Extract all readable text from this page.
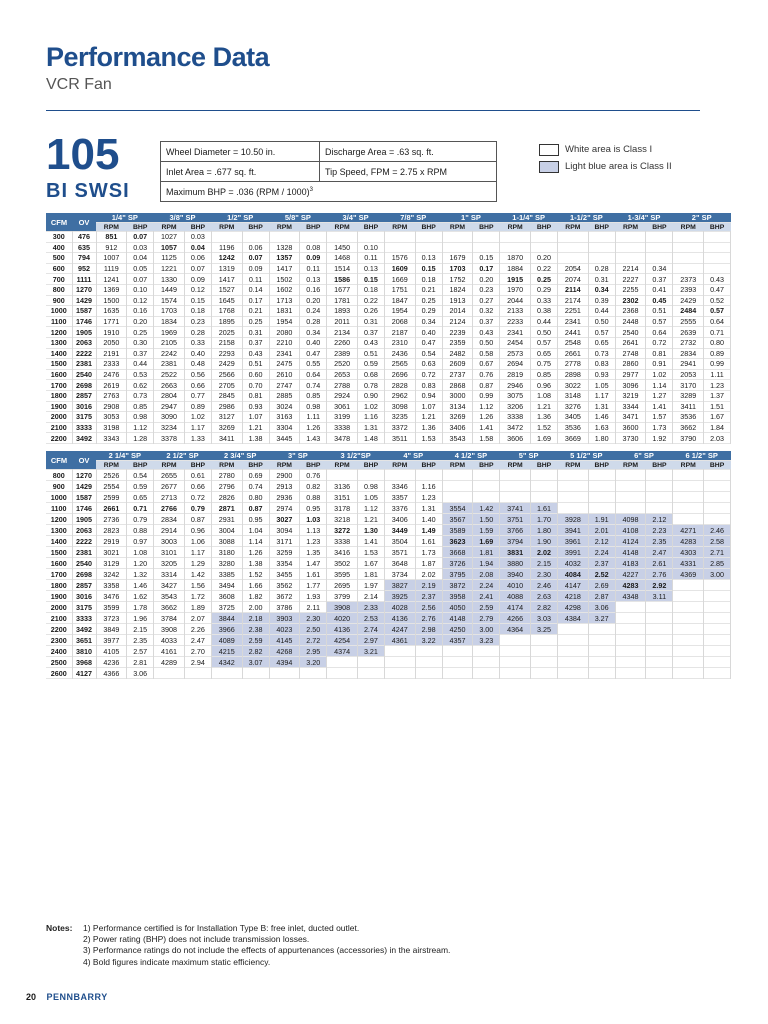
Performance Data
VCR Fan
105
BI SWSI
Wheel Diameter = 10.50 in.	Discharge Area = .63 sq. ft.
Inlet Area = .677 sq. ft.	Tip Speed, FPM = 2.75 x RPM
Maximum BHP = .036 (RPM / 1000)$^3$
White area is Class I
Light blue area is Class II
CFM	OV	1/4" SP		3/8" SP		1/2" SP		5/8" SP		3/4" SP		7/8" SP		1" SP		1-1/4" SP		1-1/2" SP		1-3/4" SP		2" SP	
		RPM	BHP	RPM	BHP	RPM	BHP	RPM	BHP	RPM	BHP	RPM	BHP	RPM	BHP	RPM	BHP	RPM	BHP	RPM	BHP	RPM	BHP
300	476	851	0.07	1027	0.03																		
400	635	912	0.03	1057	0.04	1196	0.06	1328	0.08	1450	0.10												
500	794	1007	0.04	1125	0.06	1242	0.07	1357	0.09	1468	0.11	1576	0.13	1679	0.15	1870	0.20						
600	952	1119	0.05	1221	0.07	1319	0.09	1417	0.11	1514	0.13	1609	0.15	1703	0.17	1884	0.22	2054	0.28	2214	0.34		
700	1111	1241	0.07	1330	0.09	1417	0.11	1502	0.13	1586	0.15	1669	0.18	1752	0.20	1915	0.25	2074	0.31	2227	0.37	2373	0.43
800	1270	1369	0.10	1449	0.12	1527	0.14	1602	0.16	1677	0.18	1751	0.21	1824	0.23	1970	0.29	2114	0.34	2255	0.41	2393	0.47
900	1429	1500	0.12	1574	0.15	1645	0.17	1713	0.20	1781	0.22	1847	0.25	1913	0.27	2044	0.33	2174	0.39	2302	0.45	2429	0.52
1000	1587	1635	0.16	1703	0.18	1768	0.21	1831	0.24	1893	0.26	1954	0.29	2014	0.32	2133	0.38	2251	0.44	2368	0.51	2484	0.57
1100	1746	1771	0.20	1834	0.23	1895	0.25	1954	0.28	2011	0.31	2068	0.34	2124	0.37	2233	0.44	2341	0.50	2448	0.57	2555	0.64
1200	1905	1910	0.25	1969	0.28	2025	0.31	2080	0.34	2134	0.37	2187	0.40	2239	0.43	2341	0.50	2441	0.57	2540	0.64	2639	0.71
1300	2063	2050	0.30	2105	0.33	2158	0.37	2210	0.40	2260	0.43	2310	0.47	2359	0.50	2454	0.57	2548	0.65	2641	0.72	2732	0.80
1400	2222	2191	0.37	2242	0.40	2293	0.43	2341	0.47	2389	0.51	2436	0.54	2482	0.58	2573	0.65	2661	0.73	2748	0.81	2834	0.89
1500	2381	2333	0.44	2381	0.48	2429	0.51	2475	0.55	2520	0.59	2565	0.63	2609	0.67	2694	0.75	2778	0.83	2860	0.91	2941	0.99
1600	2540	2476	0.53	2522	0.56	2566	0.60	2610	0.64	2653	0.68	2696	0.72	2737	0.76	2819	0.85	2898	0.93	2977	1.02	2053	1.11
1700	2698	2619	0.62	2663	0.66	2705	0.70	2747	0.74	2788	0.78	2828	0.83	2868	0.87	2946	0.96	3022	1.05	3096	1.14	3170	1.23
1800	2857	2763	0.73	2804	0.77	2845	0.81	2885	0.85	2924	0.90	2962	0.94	3000	0.99	3075	1.08	3148	1.17	3219	1.27	3289	1.37
1900	3016	2908	0.85	2947	0.89	2986	0.93	3024	0.98	3061	1.02	3098	1.07	3134	1.12	3206	1.21	3276	1.31	3344	1.41	3411	1.51
2000	3175	3053	0.98	3090	1.02	3127	1.07	3163	1.11	3199	1.16	3235	1.21	3269	1.26	3338	1.36	3405	1.46	3471	1.57	3536	1.67
2100	3333	3198	1.12	3234	1.17	3269	1.21	3304	1.26	3338	1.31	3372	1.36	3406	1.41	3472	1.52	3536	1.63	3600	1.73	3662	1.84
2200	3492	3343	1.28	3378	1.33	3411	1.38	3445	1.43	3478	1.48	3511	1.53	3543	1.58	3606	1.69	3669	1.80	3730	1.92	3790	2.03
CFM	OV	2 1/4" SP		2 1/2" SP		2 3/4" SP		3" SP		3 1/2"SP		4" SP		4 1/2" SP		5" SP		5 1/2" SP		6" SP		6 1/2" SP	
		RPM	BHP	RPM	BHP	RPM	BHP	RPM	BHP	RPM	BHP	RPM	BHP	RPM	BHP	RPM	BHP	RPM	BHP	RPM	BHP	RPM	BHP
800	1270	2526	0.54	2655	0.61	2780	0.69	2900	0.76														
900	1429	2554	0.59	2677	0.66	2796	0.74	2913	0.82	3136	0.98	3346	1.16										
1000	1587	2599	0.65	2713	0.72	2826	0.80	2936	0.88	3151	1.05	3357	1.23										
1100	1746	2661	0.71	2766	0.79	2871	0.87	2974	0.95	3178	1.12	3376	1.31	3554	1.42	3741	1.61						
1200	1905	2736	0.79	2834	0.87	2931	0.95	3027	1.03	3218	1.21	3406	1.40	3567	1.50	3751	1.70	3928	1.91	4098	2.12		
1300	2063	2823	0.88	2914	0.96	3004	1.04	3094	1.13	3272	1.30	3449	1.49	3589	1.59	3766	1.80	3941	2.01	4108	2.23	4271	2.46
1400	2222	2919	0.97	3003	1.06	3088	1.14	3171	1.23	3338	1.41	3504	1.61	3623	1.69	3794	1.90	3961	2.12	4124	2.35	4283	2.58
1500	2381	3021	1.08	3101	1.17	3180	1.26	3259	1.35	3416	1.53	3571	1.73	3668	1.81	3831	2.02	3991	2.24	4148	2.47	4303	2.71
1600	2540	3129	1.20	3205	1.29	3280	1.38	3354	1.47	3502	1.67	3648	1.87	3726	1.94	3880	2.15	4032	2.37	4183	2.61	4331	2.85
1700	2698	3242	1.32	3314	1.42	3385	1.52	3455	1.61	3595	1.81	3734	2.02	3795	2.08	3940	2.30	4084	2.52	4227	2.76	4369	3.00
1800	2857	3358	1.46	3427	1.56	3494	1.66	3562	1.77	2695	1.97	3827	2.19	3872	2.24	4010	2.46	4147	2.69	4283	2.92		
1900	3016	3476	1.62	3543	1.72	3608	1.82	3672	1.93	3799	2.14	3925	2.37	3958	2.41	4088	2.63	4218	2.87	4348	3.11		
2000	3175	3599	1.78	3662	1.89	3725	2.00	3786	2.11	3908	2.33	4028	2.56	4050	2.59	4174	2.82	4298	3.06				
2100	3333	3723	1.96	3784	2.07	3844	2.18	3903	2.30	4020	2.53	4136	2.76	4148	2.79	4266	3.03	4384	3.27				
2200	3492	3849	2.15	3908	2.26	3966	2.38	4023	2.50	4136	2.74	4247	2.98	4250	3.00	4364	3.25						
2300	3651	3977	2.35	4033	2.47	4089	2.59	4145	2.72	4254	2.97	4361	3.22	4357	3.23								
2400	3810	4105	2.57	4161	2.70	4215	2.82	4268	2.95	4374	3.21												
2500	3968	4236	2.81	4289	2.94	4342	3.07	4394	3.20														
2600	4127	4366	3.06																				
Notes:	1) Performance certified is for Installation Type B: free inlet, ducted outlet.
2) Power rating (BHP) does not include transmission losses.
3) Performance ratings do not include the effects of appurtenances (accessories) in the airstream.
4) Bold figures indicate maximum static efficiency.
20 PENNBARRY
